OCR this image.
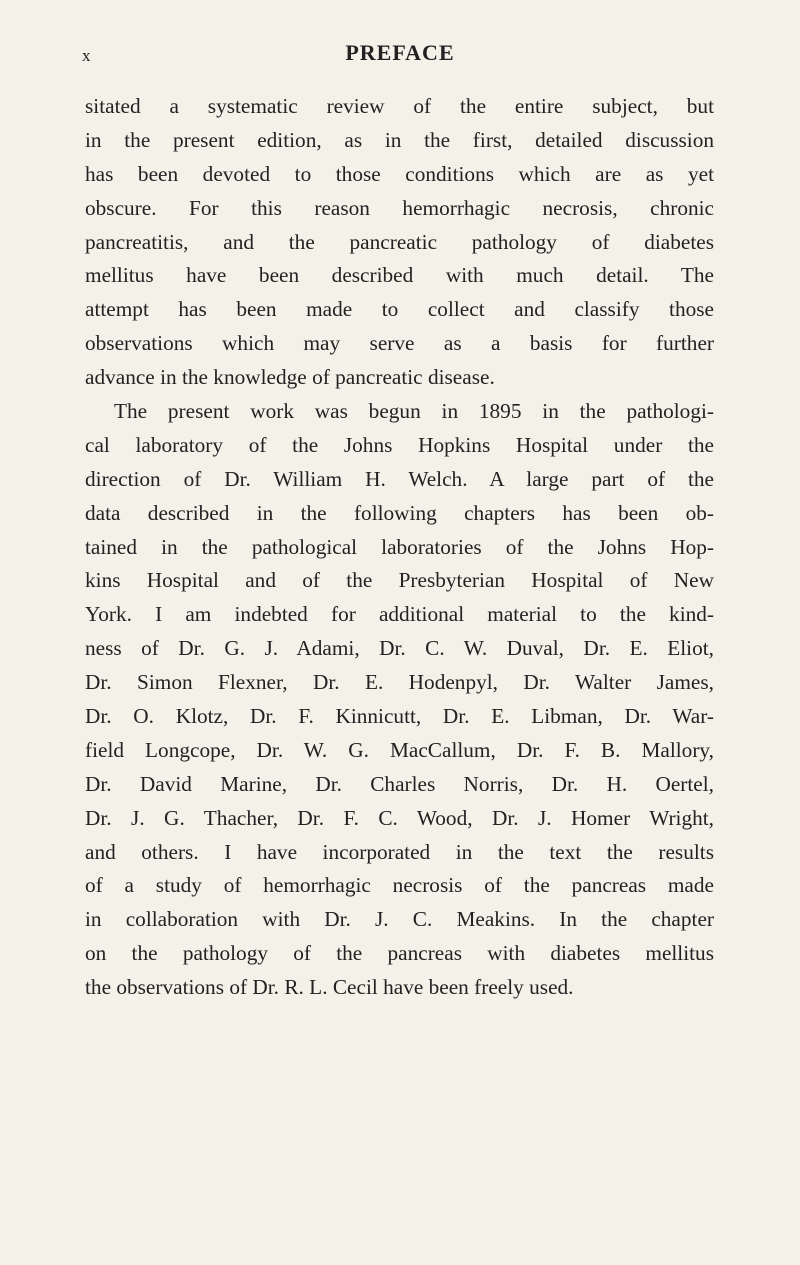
x	PREFACE

sitated a systematic review of the entire subject, but
in the present edition, as in the first, detailed discussion
has been devoted to those conditions which are as yet
obscure. For this reason hemorrhagic necrosis, chronic
pancreatitis, and the pancreatic pathology of diabetes
mellitus have been described with much detail. The
attempt has been made to collect and classify those
observations which may serve as a basis for further
advance in the knowledge of pancreatic disease.

The present work was begun in 1895 in the pathologi-
cal laboratory of the Johns Hopkins Hospital under the
direction of Dr. William H. Welch. A large part of the
data described in the following chapters has been ob-
tained in the pathological laboratories of the Johns Hop-
kins Hospital and of the Presbyterian Hospital of New
York. I am indebted for additional material to the kind-
ness of Dr. G. J. Adami, Dr. C. W. Duval, Dr. E. Eliot,
Dr. Simon Flexner, Dr. E. Hodenpyl, Dr. Walter James,
Dr. O. Klotz, Dr. F. Kinnicutt, Dr. E. Libman, Dr. War-
field Longcope, Dr. W. G. MacCallum, Dr. F. B. Mallory,
Dr. David Marine, Dr. Charles Norris, Dr. H. Oertel,
Dr. J. G. Thacher, Dr. F. C. Wood, Dr. J. Homer Wright,
and others. I have incorporated in the text the results
of a study of hemorrhagic necrosis of the pancreas made
in collaboration with Dr. J. C. Meakins. In the chapter
on the pathology of the pancreas with diabetes mellitus
the observations of Dr. R. L. Cecil have been freely used.
